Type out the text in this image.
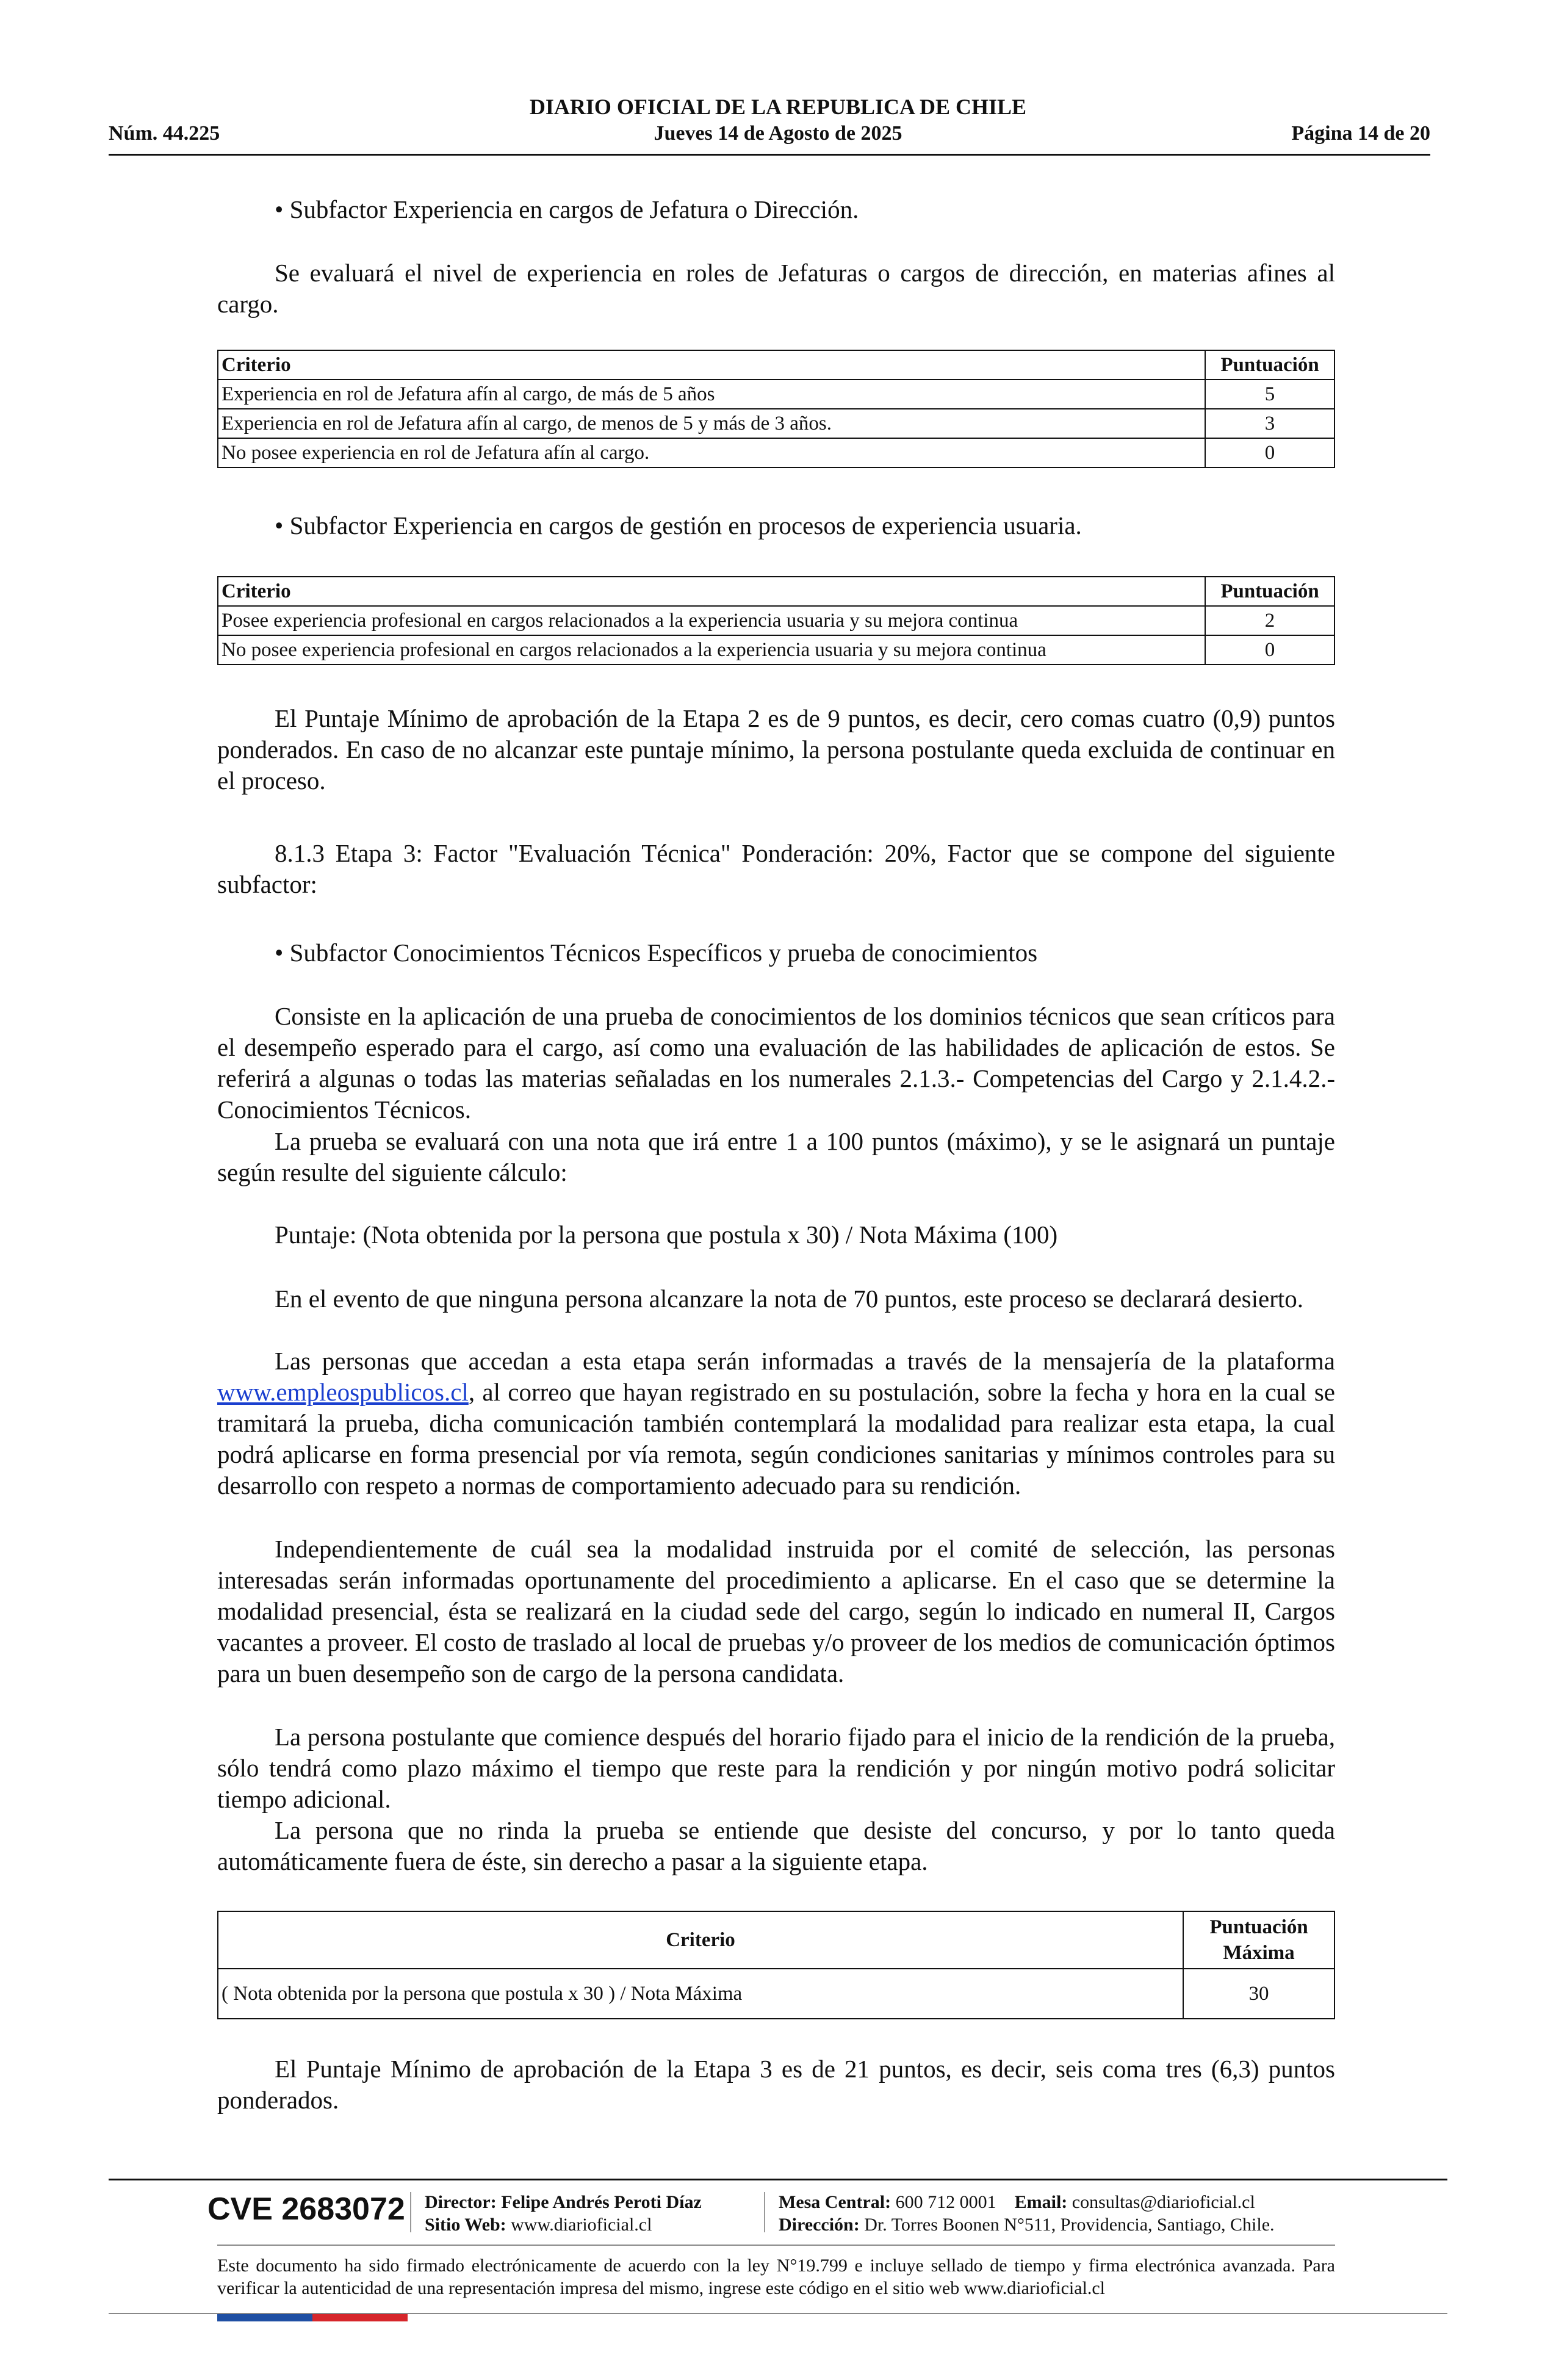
DIARIO OFICIAL DE LA REPUBLICA DE CHILE
Núm. 44.225	Jueves 14 de Agosto de 2025	Página 14 de 20
• Subfactor Experiencia en cargos de Jefatura o Dirección.
Se evaluará el nivel de experiencia en roles de Jefaturas o cargos de dirección, en materias afines al cargo.
Criterio	Puntuación
Experiencia en rol de Jefatura afín al cargo, de más de 5 años	5
Experiencia en rol de Jefatura afín al cargo, de menos de 5 y más de 3 años.	3
No posee experiencia en rol de Jefatura afín al cargo.	0
• Subfactor Experiencia en cargos de gestión en procesos de experiencia usuaria.
Criterio	Puntuación
Posee experiencia profesional en cargos relacionados a la experiencia usuaria y su mejora continua	2
No posee experiencia profesional en cargos relacionados a la experiencia usuaria y su mejora continua	0
El Puntaje Mínimo de aprobación de la Etapa 2 es de 9 puntos, es decir, cero comas cuatro (0,9) puntos ponderados. En caso de no alcanzar este puntaje mínimo, la persona postulante queda excluida de continuar en el proceso.
8.1.3 Etapa 3: Factor "Evaluación Técnica" Ponderación: 20%, Factor que se compone del siguiente subfactor:
• Subfactor Conocimientos Técnicos Específicos y prueba de conocimientos
Consiste en la aplicación de una prueba de conocimientos de los dominios técnicos que sean críticos para el desempeño esperado para el cargo, así como una evaluación de las habilidades de aplicación de estos. Se referirá a algunas o todas las materias señaladas en los numerales 2.1.3.- Competencias del Cargo y 2.1.4.2.- Conocimientos Técnicos.
La prueba se evaluará con una nota que irá entre 1 a 100 puntos (máximo), y se le asignará un puntaje según resulte del siguiente cálculo:
Puntaje: (Nota obtenida por la persona que postula x 30) / Nota Máxima (100)
En el evento de que ninguna persona alcanzare la nota de 70 puntos, este proceso se declarará desierto.
Las personas que accedan a esta etapa serán informadas a través de la mensajería de la plataforma www.empleospublicos.cl, al correo que hayan registrado en su postulación, sobre la fecha y hora en la cual se tramitará la prueba, dicha comunicación también contemplará la modalidad para realizar esta etapa, la cual podrá aplicarse en forma presencial por vía remota, según condiciones sanitarias y mínimos controles para su desarrollo con respeto a normas de comportamiento adecuado para su rendición.
Independientemente de cuál sea la modalidad instruida por el comité de selección, las personas interesadas serán informadas oportunamente del procedimiento a aplicarse. En el caso que se determine la modalidad presencial, ésta se realizará en la ciudad sede del cargo, según lo indicado en numeral II, Cargos vacantes a proveer. El costo de traslado al local de pruebas y/o proveer de los medios de comunicación óptimos para un buen desempeño son de cargo de la persona candidata.
La persona postulante que comience después del horario fijado para el inicio de la rendición de la prueba, sólo tendrá como plazo máximo el tiempo que reste para la rendición y por ningún motivo podrá solicitar tiempo adicional.
La persona que no rinda la prueba se entiende que desiste del concurso, y por lo tanto queda automáticamente fuera de éste, sin derecho a pasar a la siguiente etapa.
Criterio	Puntuación Máxima
( Nota obtenida por la persona que postula x 30 ) / Nota Máxima	30
El Puntaje Mínimo de aprobación de la Etapa 3 es de 21 puntos, es decir, seis coma tres (6,3) puntos ponderados.
CVE 2683072 Director: Felipe Andrés Peroti Díaz
Sitio Web: www.diarioficial.cl
Mesa Central: 600 712 0001 Email: consultas@diarioficial.cl
Dirección: Dr. Torres Boonen N°511, Providencia, Santiago, Chile.
Este documento ha sido firmado electrónicamente de acuerdo con la ley N°19.799 e incluye sellado de tiempo y firma electrónica avanzada. Para verificar la autenticidad de una representación impresa del mismo, ingrese este código en el sitio web www.diarioficial.cl
